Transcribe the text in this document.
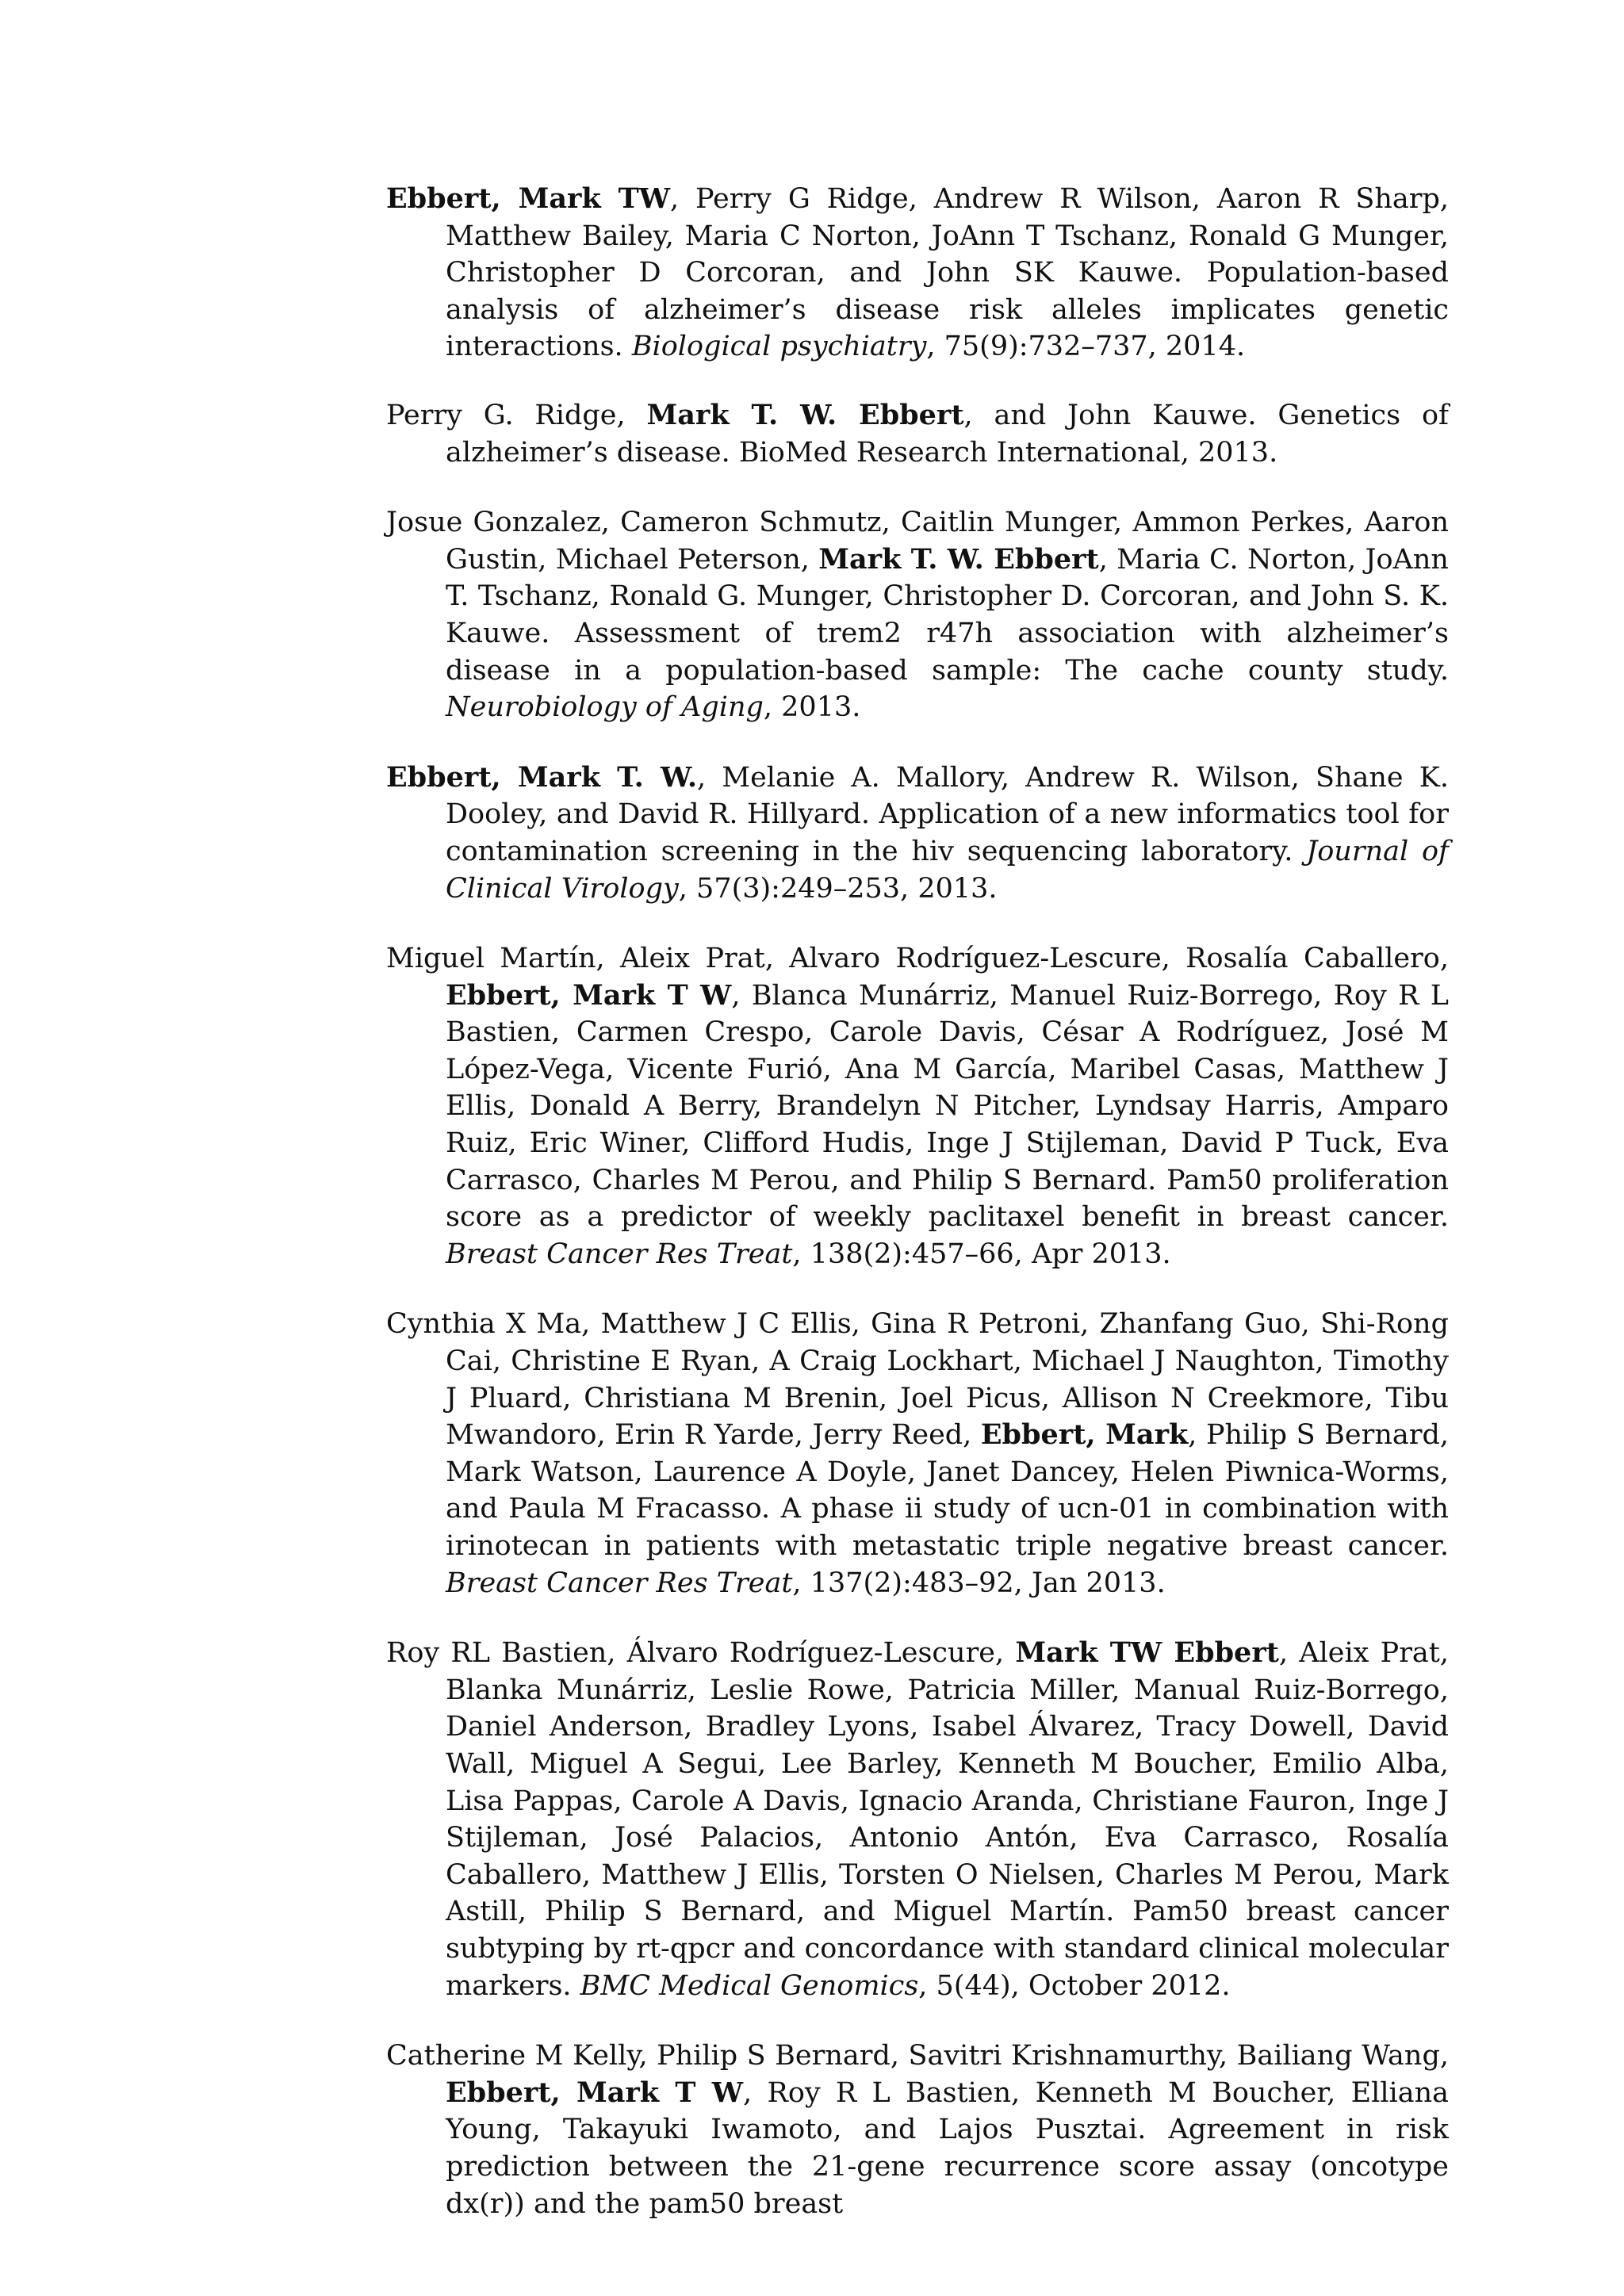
Ebbert, Mark TW, Perry G Ridge, Andrew R Wilson, Aaron R Sharp, Matthew Bailey, Maria C Norton, JoAnn T Tschanz, Ronald G Munger, Christopher D Corcoran, and John SK Kauwe. Population-based analysis of alzheimer’s disease risk alleles implicates genetic interactions. Biological psychiatry, 75(9):732–737, 2014.

Perry G. Ridge, Mark T. W. Ebbert, and John Kauwe. Genetics of alzheimer’s disease. BioMed Research International, 2013.

Josue Gonzalez, Cameron Schmutz, Caitlin Munger, Ammon Perkes, Aaron Gustin, Michael Peterson, Mark T. W. Ebbert, Maria C. Norton, JoAnn T. Tschanz, Ronald G. Munger, Christopher D. Corcoran, and John S. K. Kauwe. Assessment of trem2 r47h association with alzheimer’s disease in a population-based sample: The cache county study. Neurobiology of Aging, 2013.

Ebbert, Mark T. W., Melanie A. Mallory, Andrew R. Wilson, Shane K. Dooley, and David R. Hillyard. Application of a new informatics tool for contamination screening in the hiv sequencing laboratory. Journal of Clinical Virology, 57(3):249–253, 2013.

Miguel Martín, Aleix Prat, Alvaro Rodríguez-Lescure, Rosalía Caballero, Ebbert, Mark T W, Blanca Munárriz, Manuel Ruiz-Borrego, Roy R L Bastien, Carmen Crespo, Carole Davis, César A Rodríguez, José M López-Vega, Vicente Furió, Ana M García, Maribel Casas, Matthew J Ellis, Donald A Berry, Brandelyn N Pitcher, Lyndsay Harris, Amparo Ruiz, Eric Winer, Clifford Hudis, Inge J Stijleman, David P Tuck, Eva Carrasco, Charles M Perou, and Philip S Bernard. Pam50 proliferation score as a predictor of weekly paclitaxel benefit in breast cancer. Breast Cancer Res Treat, 138(2):457–66, Apr 2013.

Cynthia X Ma, Matthew J C Ellis, Gina R Petroni, Zhanfang Guo, Shi-Rong Cai, Christine E Ryan, A Craig Lockhart, Michael J Naughton, Timothy J Pluard, Christiana M Brenin, Joel Picus, Allison N Creekmore, Tibu Mwandoro, Erin R Yarde, Jerry Reed, Ebbert, Mark, Philip S Bernard, Mark Watson, Laurence A Doyle, Janet Dancey, Helen Piwnica-Worms, and Paula M Fracasso. A phase ii study of ucn-01 in combination with irinotecan in patients with metastatic triple negative breast cancer. Breast Cancer Res Treat, 137(2):483–92, Jan 2013.

Roy RL Bastien, Álvaro Rodríguez-Lescure, Mark TW Ebbert, Aleix Prat, Blanka Munárriz, Leslie Rowe, Patricia Miller, Manual Ruiz-Borrego, Daniel Anderson, Bradley Lyons, Isabel Álvarez, Tracy Dowell, David Wall, Miguel A Segui, Lee Barley, Kenneth M Boucher, Emilio Alba, Lisa Pappas, Carole A Davis, Ignacio Aranda, Christiane Fauron, Inge J Stijleman, José Palacios, Antonio Antón, Eva Carrasco, Rosalía Caballero, Matthew J Ellis, Torsten O Nielsen, Charles M Perou, Mark Astill, Philip S Bernard, and Miguel Martín. Pam50 breast cancer subtyping by rt-qpcr and concordance with standard clinical molecular markers. BMC Medical Genomics, 5(44), October 2012.

Catherine M Kelly, Philip S Bernard, Savitri Krishnamurthy, Bailiang Wang, Ebbert, Mark T W, Roy R L Bastien, Kenneth M Boucher, Elliana Young, Takayuki Iwamoto, and Lajos Pusztai. Agreement in risk prediction between the 21-gene recurrence score assay (oncotype dx(r)) and the pam50 breast
